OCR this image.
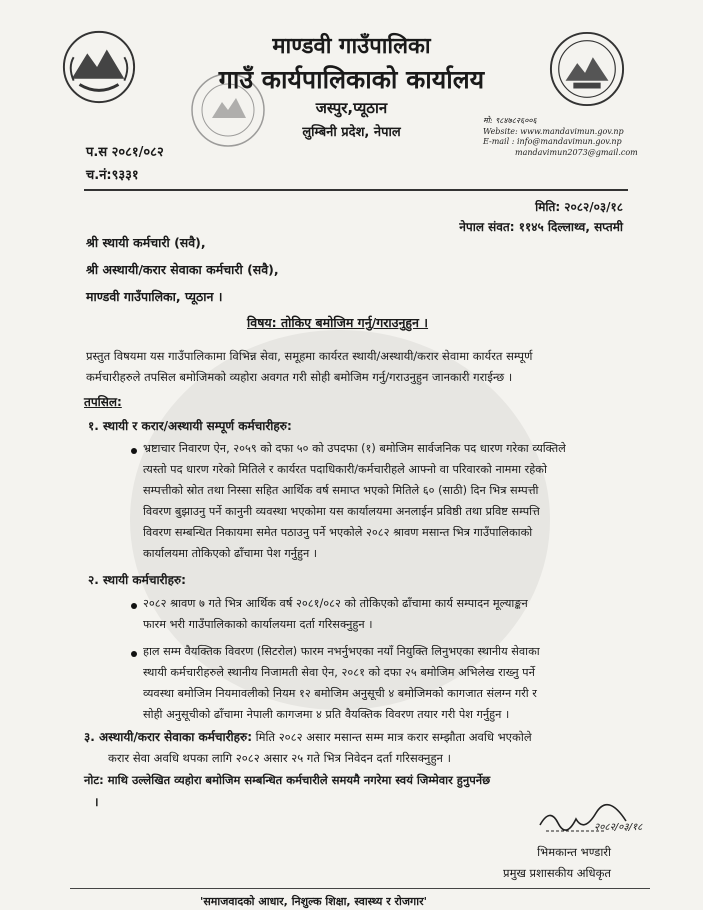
माण्डवी गाउँपालिका
गाउँ कार्यपालिकाको कार्यालय
जस्पुर,प्यूठान
लुम्बिनी प्रदेश, नेपाल
मो: ९८४७८२६००६
Website: www.mandavimun.gov.np
E-mail : info@mandavimun.gov.np
mandavimun2073@gmail.com
प.स २०८१/०८२
च.नं:९३३१
मिति: २०८२/०३/१८
नेपाल संवत: ११४५ दिल्लाथ्व, सप्तमी
श्री स्थायी कर्मचारी (सवै),
श्री अस्थायी/करार सेवाका कर्मचारी (सवै),
माण्डवी गाउँपालिका, प्यूठान ।
विषय: तोकिए बमोजिम गर्नु/गराउनुहुन ।
प्रस्तुत विषयमा यस गाउँपालिकामा विभिन्न सेवा, समूहमा कार्यरत स्थायी/अस्थायी/करार सेवामा कार्यरत सम्पूर्ण
कर्मचारीहरुले तपसिल बमोजिमको व्यहोरा अवगत गरी सोही बमोजिम गर्नु/गराउनुहुन जानकारी गराईन्छ ।
तपसिल:
१. स्थायी र करार/अस्थायी सम्पूर्ण कर्मचारीहरु:
भ्रष्टाचार निवारण ऐन, २०५९ को दफा ५० को उपदफा (१) बमोजिम सार्वजनिक पद धारण गरेका व्यक्तिले
त्यस्तो पद धारण गरेको मितिले र कार्यरत पदाधिकारी/कर्मचारीहले आफ्नो वा परिवारको नाममा रहेको
सम्पत्तीको स्रोत तथा निस्सा सहित आर्थिक वर्ष समाप्त भएको मितिले ६० (साठी) दिन भित्र सम्पत्ती
विवरण बुझाउनु पर्ने कानुनी व्यवस्था भएकोमा यस कार्यालयमा अनलाईन प्रविष्ठी तथा प्रविष्ट सम्पत्ति
विवरण सम्बन्धित निकायमा समेत पठाउनु पर्ने भएकोले २०८२ श्रावण मसान्त भित्र गाउँपालिकाको
कार्यालयमा तोकिएको ढाँचामा पेश गर्नुहुन ।
२. स्थायी कर्मचारीहरु:
२०८२ श्रावण ७ गते भित्र आर्थिक वर्ष २०८१/०८२ को तोकिएको ढाँचामा कार्य सम्पादन मूल्याङ्कन
फारम भरी गाउँपालिकाको कार्यालयमा दर्ता गरिसक्नुहुन ।
हाल सम्म वैयक्तिक विवरण (सिटरोल) फारम नभर्नुभएका नयाँ नियुक्ति लिनुभएका स्थानीय सेवाका
स्थायी कर्मचारीहरुले स्थानीय निजामती सेवा ऐन, २०८१ को दफा २५ बमोजिम अभिलेख राख्नु पर्ने
व्यवस्था बमोजिम नियमावलीको नियम १२ बमोजिम अनुसूची ४ बमोजिमको कागजात संलग्न गरी र
सोही अनुसूचीको ढाँचामा नेपाली कागजमा ४ प्रति वैयक्तिक विवरण तयार गरी पेश गर्नुहुन ।
३. अस्थायी/करार सेवाका कर्मचारीहरु: मिति २०८२ असार मसान्त सम्म मात्र करार सम्झौता अवधि भएकोले
करार सेवा अवधि थपका लागि २०८२ असार २५ गते भित्र निवेदन दर्ता गरिसक्नुहुन ।
नोट: माथि उल्लेखित व्यहोरा बमोजिम सम्बन्धित कर्मचारीले समयमै नगरेमा स्वयं जिम्मेवार हुनुपर्नेछ
।
२०८२/०३/१८
भिमकान्त भण्डारी
प्रमुख प्रशासकीय अधिकृत
'समाजवादको आधार, निशुल्क शिक्षा, स्वास्थ्य र रोजगार'
